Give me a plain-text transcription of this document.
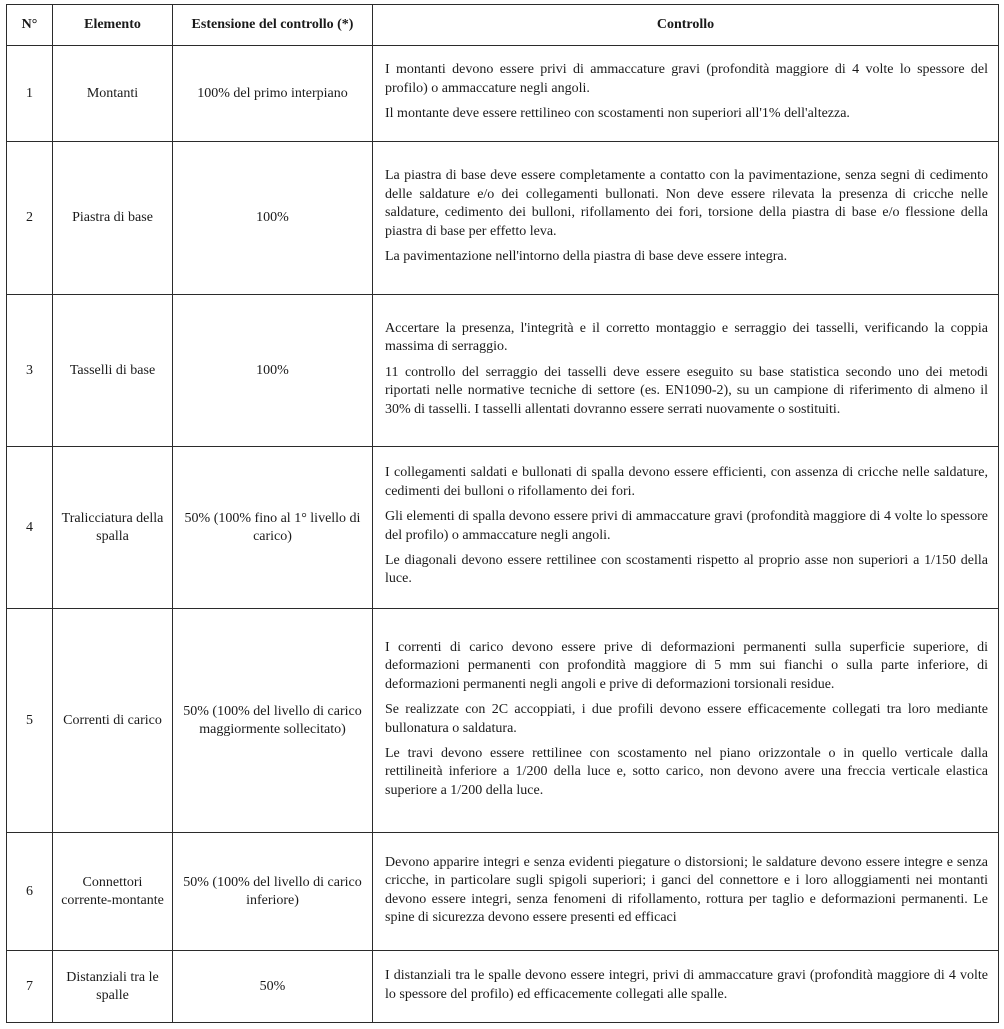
N°	Elemento	Estensione del controllo (*)	Controllo
1	Montanti	100% del primo interpiano	I montanti devono essere privi di ammaccature gravi (profondità maggiore di 4 volte lo spessore del profilo) o ammaccature negli angoli.

Il montante deve essere rettilineo con scostamenti non superiori all'1% dell'altezza.

2	Piastra di base	100%	La piastra di base deve essere completamente a contatto con la pavimentazione, senza segni di cedimento delle saldature e/o dei collegamenti bullonati. Non deve essere rilevata la presenza di cricche nelle saldature, cedimento dei bulloni, rifollamento dei fori, torsione della piastra di base e/o flessione della piastra di base per effetto leva.

La pavimentazione nell'intorno della piastra di base deve essere integra.

3	Tasselli di base	100%	Accertare la presenza, l'integrità e il corretto montaggio e serraggio dei tasselli, verificando la coppia massima di serraggio.

11 controllo del serraggio dei tasselli deve essere eseguito su base statistica secondo uno dei metodi riportati nelle normative tecniche di settore (es. EN1090-2), su un campione di riferimento di almeno il 30% di tasselli. I tasselli allentati dovranno essere serrati nuovamente o sostituiti.

4	Tralicciatura della spalla	50% (100% fino al 1° livello di carico)	I collegamenti saldati e bullonati di spalla devono essere efficienti, con assenza di cricche nelle saldature, cedimenti dei bulloni o rifollamento dei fori.

Gli elementi di spalla devono essere privi di ammaccature gravi (profondità maggiore di 4 volte lo spessore del profilo) o ammaccature negli angoli.

Le diagonali devono essere rettilinee con scostamenti rispetto al proprio asse non superiori a 1/150 della luce.

5	Correnti di carico	50% (100% del livello di carico maggiormente sollecitato)	I correnti di carico devono essere prive di deformazioni permanenti sulla superficie superiore, di deformazioni permanenti con profondità maggiore di 5 mm sui fianchi o sulla parte inferiore, di deformazioni permanenti negli angoli e prive di deformazioni torsionali residue.

Se realizzate con 2C accoppiati, i due profili devono essere efficacemente collegati tra loro mediante bullonatura o saldatura.

Le travi devono essere rettilinee con scostamento nel piano orizzontale o in quello verticale dalla rettilineità inferiore a 1/200 della luce e, sotto carico, non devono avere una freccia verticale elastica superiore a 1/200 della luce.

6	Connettori corrente-montante	50% (100% del livello di carico inferiore)	Devono apparire integri e senza evidenti piegature o distorsioni; le saldature devono essere integre e senza cricche, in particolare sugli spigoli superiori; i ganci del connettore e i loro alloggiamenti nei montanti devono essere integri, senza fenomeni di rifollamento, rottura per taglio e deformazioni permanenti. Le spine di sicurezza devono essere presenti ed efficaci

7	Distanziali tra le spalle	50%	I distanziali tra le spalle devono essere integri, privi di ammaccature gravi (profondità maggiore di 4 volte lo spessore del profilo) ed efficacemente collegati alle spalle.
